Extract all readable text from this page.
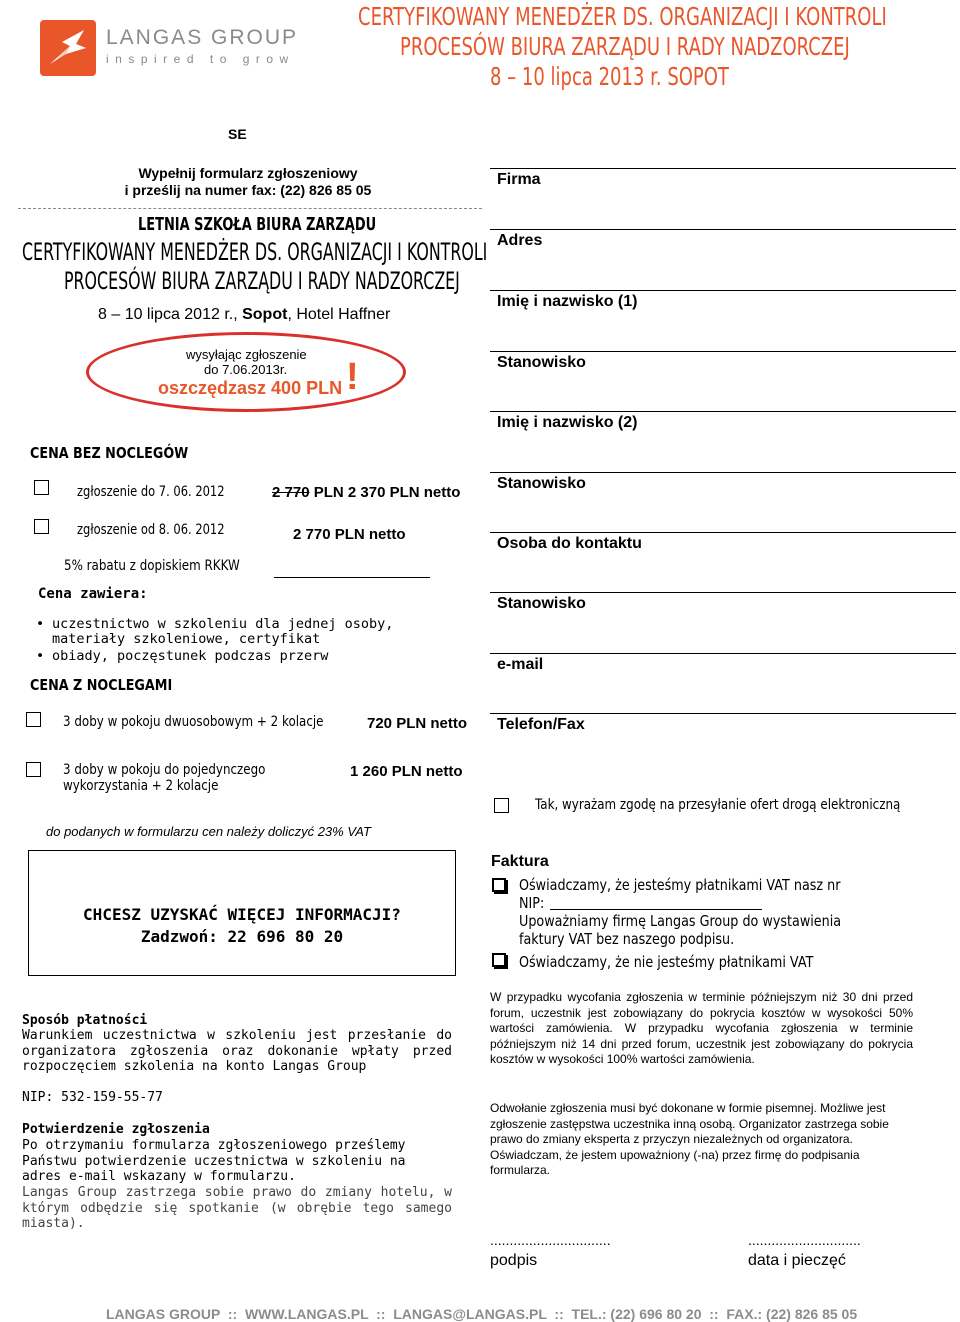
LANGAS GROUP
inspired to grow
CERTYFIKOWANY MENEDŻER DS. ORGANIZACJI I KONTROLI
PROCESÓW BIURA ZARZĄDU I RADY NADZORCZEJ
8 – 10 lipca 2013 r. SOPOT
SE
Wypełnij formularz zgłoszeniowy
i prześlij na numer fax: (22) 826 85 05
LETNIA SZKOŁA BIURA ZARZĄDU
CERTYFIKOWANY MENEDŻER DS. ORGANIZACJI I KONTROLI
PROCESÓW BIURA ZARZĄDU I RADY NADZORCZEJ
8 – 10 lipca 2012 r., Sopot, Hotel Haffner
wysyłając zgłoszenie
do 7.06.2013r.
oszczędzasz 400 PLN !
CENA BEZ NOCLEGÓW
zgłoszenie do 7. 06. 2012	2 770 PLN 2 370 PLN netto
zgłoszenie od 8. 06. 2012	2 770 PLN netto
5% rabatu z dopiskiem RKKW
Cena zawiera:
• uczestnictwo w szkoleniu dla jednej osoby, materiały szkoleniowe, certyfikat
• obiady, poczęstunek podczas przerw
CENA Z NOCLEGAMI
3 doby w pokoju dwuosobowym + 2 kolacje	720 PLN netto
3 doby w pokoju do pojedynczego
wykorzystania + 2 kolacje
1 260 PLN netto
do podanych w formularzu cen należy doliczyć 23% VAT
CHCESZ UZYSKAĆ WIĘCEJ INFORMACJI?
Zadzwoń: 22 696 80 20
Firma
Adres
Imię i nazwisko (1)
Stanowisko
Imię i nazwisko (2)
Stanowisko
Osoba do kontaktu
Stanowisko
e-mail
Telefon/Fax
Tak, wyrażam zgodę na przesyłanie ofert drogą elektroniczną
Faktura
Oświadczamy, że jesteśmy płatnikami VAT nasz nr
NIP:
Upoważniamy firmę Langas Group do wystawienia
faktury VAT bez naszego podpisu.
Oświadczamy, że nie jesteśmy płatnikami VAT
Sposób płatności
Warunkiem uczestnictwa w szkoleniu jest przesłanie do organizatora zgłoszenia oraz dokonanie wpłaty przed rozpoczęciem szkolenia na konto Langas Group
NIP: 532-159-55-77
Potwierdzenie zgłoszenia
Po otrzymaniu formularza zgłoszeniowego prześlemy Państwu potwierdzenie uczestnictwa w szkoleniu na adres e-mail wskazany w formularzu.
Langas Group zastrzega sobie prawo do zmiany hotelu, w którym odbędzie się spotkanie (w obrębie tego samego miasta).
W przypadku wycofania zgłoszenia w terminie późniejszym niż 30 dni przed forum, uczestnik jest zobowiązany do pokrycia kosztów w wysokości 50% wartości zamówienia. W przypadku wycofania zgłoszenia w terminie późniejszym niż 14 dni przed forum, uczestnik jest zobowiązany do pokrycia kosztów w wysokości 100% wartości zamówienia.
Odwołanie zgłoszenia musi być dokonane w formie pisemnej. Możliwe jest zgłoszenie zastępstwa uczestnika inną osobą. Organizator zastrzega sobie prawo do zmiany eksperta z przyczyn niezależnych od organizatora. Oświadczam, że jestem upoważniony (-na) przez firmę do podpisania formularza.
...............................
podpis
.............................
data i pieczęć
LANGAS GROUP  ::  WWW.LANGAS.PL  ::  LANGAS@LANGAS.PL  ::  TEL.: (22) 696 80 20  ::  FAX.: (22) 826 85 05
